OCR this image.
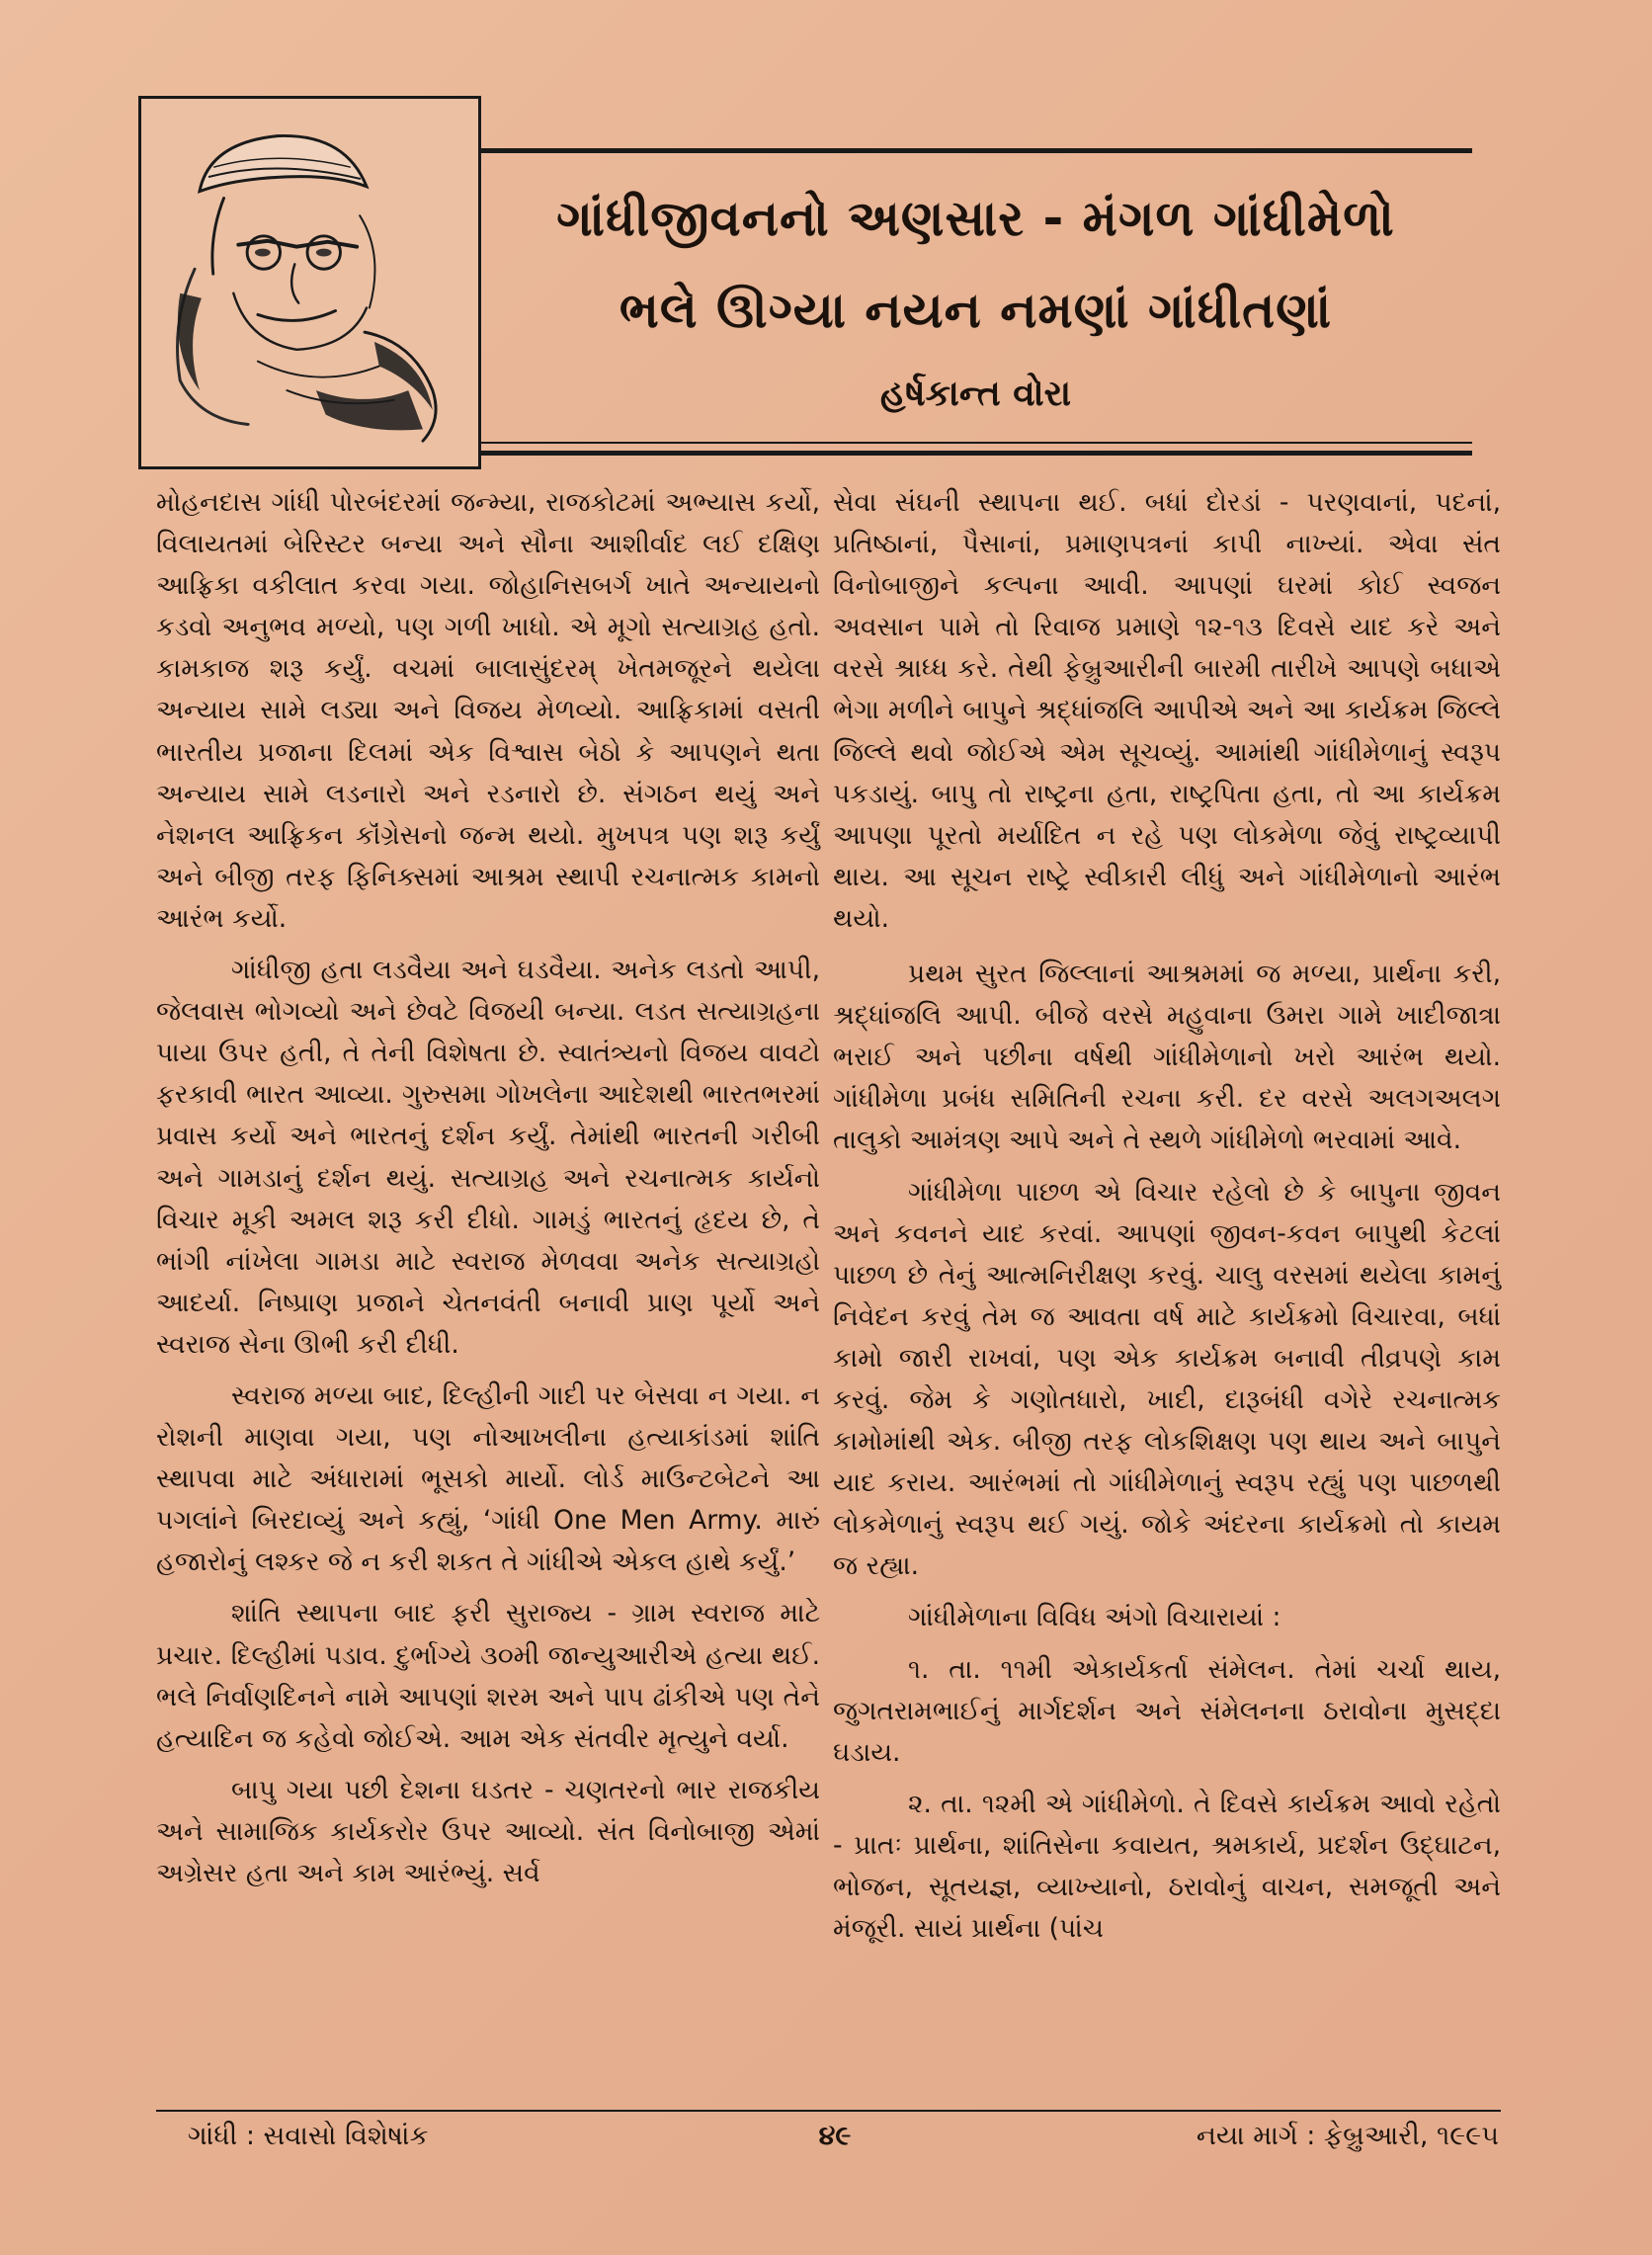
ગાંધીજીવનનો અણસાર - મંગળ ગાંધીમેળો
ભલે ઊગ્યા નયન નમણાં ગાંધીતણાં
હર્ષકાન્ત વોરા

મોહનદાસ ગાંધી પોરબંદરમાં જન્મ્યા, રાજકોટમાં અભ્યાસ કર્યો, વિલાયતમાં બેરિસ્ટર બન્યા અને સૌના આશીર્વાદ લઈ દક્ષિણ આફ્રિકા વકીલાત કરવા ગયા. જોહાનિસબર્ગ ખાતે અન્યાયનો કડવો અનુભવ મળ્યો, પણ ગળી ખાધો. એ મૂગો સત્યાગ્રહ હતો. કામકાજ શરૂ કર્યું. વચમાં બાલાસુંદરમ્ ખેતમજૂરને થયેલા અન્યાય સામે લડ્યા અને વિજય મેળવ્યો. આફ્રિકામાં વસતી ભારતીય પ્રજાના દિલમાં એક વિશ્વાસ બેઠો કે આપણને થતા અન્યાય સામે લડનારો અને રડનારો છે. સંગઠન થયું અને નેશનલ આફ્રિકન કૉંગ્રેસનો જન્મ થયો. મુખપત્ર પણ શરૂ કર્યું અને બીજી તરફ ફિનિક્સમાં આશ્રમ સ્થાપી રચનાત્મક કામનો આરંભ કર્યો.

ગાંધીજી હતા લડવૈયા અને ઘડવૈયા. અનેક લડતો આપી, જેલવાસ ભોગવ્યો અને છેવટે વિજયી બન્યા. લડત સત્યાગ્રહના પાયા ઉપર હતી, તે તેની વિશેષતા છે. સ્વાતંત્ર્યનો વિજય વાવટો ફરકાવી ભારત આવ્યા. ગુરુસમા ગોખલેના આદેશથી ભારતભરમાં પ્રવાસ કર્યો અને ભારતનું દર્શન કર્યું. તેમાંથી ભારતની ગરીબી અને ગામડાનું દર્શન થયું. સત્યાગ્રહ અને રચનાત્મક કાર્યનો વિચાર મૂકી અમલ શરૂ કરી દીધો. ગામડું ભારતનું હૃદય છે, તે ભાંગી નાંખેલા ગામડા માટે સ્વરાજ મેળવવા અનેક સત્યાગ્રહો આદર્યા. નિષ્પ્રાણ પ્રજાને ચેતનવંતી બનાવી પ્રાણ પૂર્યો અને સ્વરાજ સેના ઊભી કરી દીધી.

સ્વરાજ મળ્યા બાદ, દિલ્હીની ગાદી પર બેસવા ન ગયા. ન રોશની માણવા ગયા, પણ નોઆખલીના હત્યાકાંડમાં શાંતિ સ્થાપવા માટે અંધારામાં ભૂસકો માર્યો. લોર્ડ માઉન્ટબેટને આ પગલાંને બિરદાવ્યું અને કહ્યું, ‘ગાંધી One Men Army. મારું હજારોનું લશ્કર જે ન કરી શકત તે ગાંધીએ એકલ હાથે કર્યું.’

શાંતિ સ્થાપના બાદ ફરી સુરાજ્ય - ગ્રામ સ્વરાજ માટે પ્રચાર. દિલ્હીમાં પડાવ. દુર્ભાગ્યે ૩૦મી જાન્યુઆરીએ હત્યા થઈ. ભલે નિર્વાણદિનને નામે આપણાં શરમ અને પાપ ઢાંકીએ પણ તેને હત્યાદિન જ કહેવો જોઈએ. આમ એક સંતવીર મૃત્યુને વર્યા.

બાપુ ગયા પછી દેશના ઘડતર - ચણતરનો ભાર રાજકીય અને સામાજિક કાર્યકરોર ઉપર આવ્યો. સંત વિનોબાજી એમાં અગ્રેસર હતા અને કામ આરંભ્યું. સર્વ

સેવા સંઘની સ્થાપના થઈ. બધાં દોરડાં - પરણવાનાં, પદનાં, પ્રતિષ્ઠાનાં, પૈસાનાં, પ્રમાણપત્રનાં કાપી નાખ્યાં. એવા સંત વિનોબાજીને કલ્પના આવી. આપણાં ઘરમાં કોઈ સ્વજન અવસાન પામે તો રિવાજ પ્રમાણે ૧૨-૧૩ દિવસે યાદ કરે અને વરસે શ્રાધ્ધ કરે. તેથી ફેબ્રુઆરીની બારમી તારીખે આપણે બધાએ ભેગા મળીને બાપુને શ્રદ્ધાંજલિ આપીએ અને આ કાર્યક્રમ જિલ્લે જિલ્લે થવો જોઈએ એમ સૂચવ્યું. આમાંથી ગાંધીમેળાનું સ્વરૂપ પકડાયું. બાપુ તો રાષ્ટ્રના હતા, રાષ્ટ્રપિતા હતા, તો આ કાર્યક્રમ આપણા પૂરતો મર્યાદિત ન રહે પણ લોકમેળા જેવું રાષ્ટ્રવ્યાપી થાય. આ સૂચન રાષ્ટ્રે સ્વીકારી લીધું અને ગાંધીમેળાનો આરંભ થયો.

પ્રથમ સુરત જિલ્લાનાં આશ્રમમાં જ મળ્યા, પ્રાર્થના કરી, શ્રદ્ધાંજલિ આપી. બીજે વરસે મહુવાના ઉમરા ગામે ખાદીજાત્રા ભરાઈ અને પછીના વર્ષથી ગાંધીમેળાનો ખરો આરંભ થયો. ગાંધીમેળા પ્રબંધ સમિતિની રચના કરી. દર વરસે અલગઅલગ તાલુકો આમંત્રણ આપે અને તે સ્થળે ગાંધીમેળો ભરવામાં આવે.

ગાંધીમેળા પાછળ એ વિચાર રહેલો છે કે બાપુના જીવન અને કવનને યાદ કરવાં. આપણાં જીવન-કવન બાપુથી કેટલાં પાછળ છે તેનું આત્મનિરીક્ષણ કરવું. ચાલુ વરસમાં થયેલા કામનું નિવેદન કરવું તેમ જ આવતા વર્ષ માટે કાર્યક્રમો વિચારવા, બધાં કામો જારી રાખવાં, પણ એક કાર્યક્રમ બનાવી તીવ્રપણે કામ કરવું. જેમ કે ગણોતધારો, ખાદી, દારૂબંધી વગેરે રચનાત્મક કામોમાંથી એક. બીજી તરફ લોકશિક્ષણ પણ થાય અને બાપુને યાદ કરાય. આરંભમાં તો ગાંધીમેળાનું સ્વરૂપ રહ્યું પણ પાછળથી લોકમેળાનું સ્વરૂપ થઈ ગયું. જોકે અંદરના કાર્યક્રમો તો કાયમ જ રહ્યા.

ગાંધીમેળાના વિવિધ અંગો વિચારાયાં :

૧. તા. ૧૧મી એકાર્યકર્તા સંમેલન. તેમાં ચર્ચા થાય, જુગતરામભાઈનું માર્ગદર્શન અને સંમેલનના ઠરાવોના મુસદ્દા ઘડાય.

૨. તા. ૧૨મી એ ગાંધીમેળો. તે દિવસે કાર્યક્રમ આવો રહેતો - પ્રાતઃ પ્રાર્થના, શાંતિસેના કવાયત, શ્રમકાર્ય, પ્રદર્શન ઉદ્ઘાટન, ભોજન, સૂતયજ્ઞ, વ્યાખ્યાનો, ઠરાવોનું વાચન, સમજૂતી અને મંજૂરી. સાયં પ્રાર્થના (પાંચ

ગાંધી : સવાસો વિશેષાંક	૪૯	નયા માર્ગ : ફેબ્રુઆરી, ૧૯૯૫
